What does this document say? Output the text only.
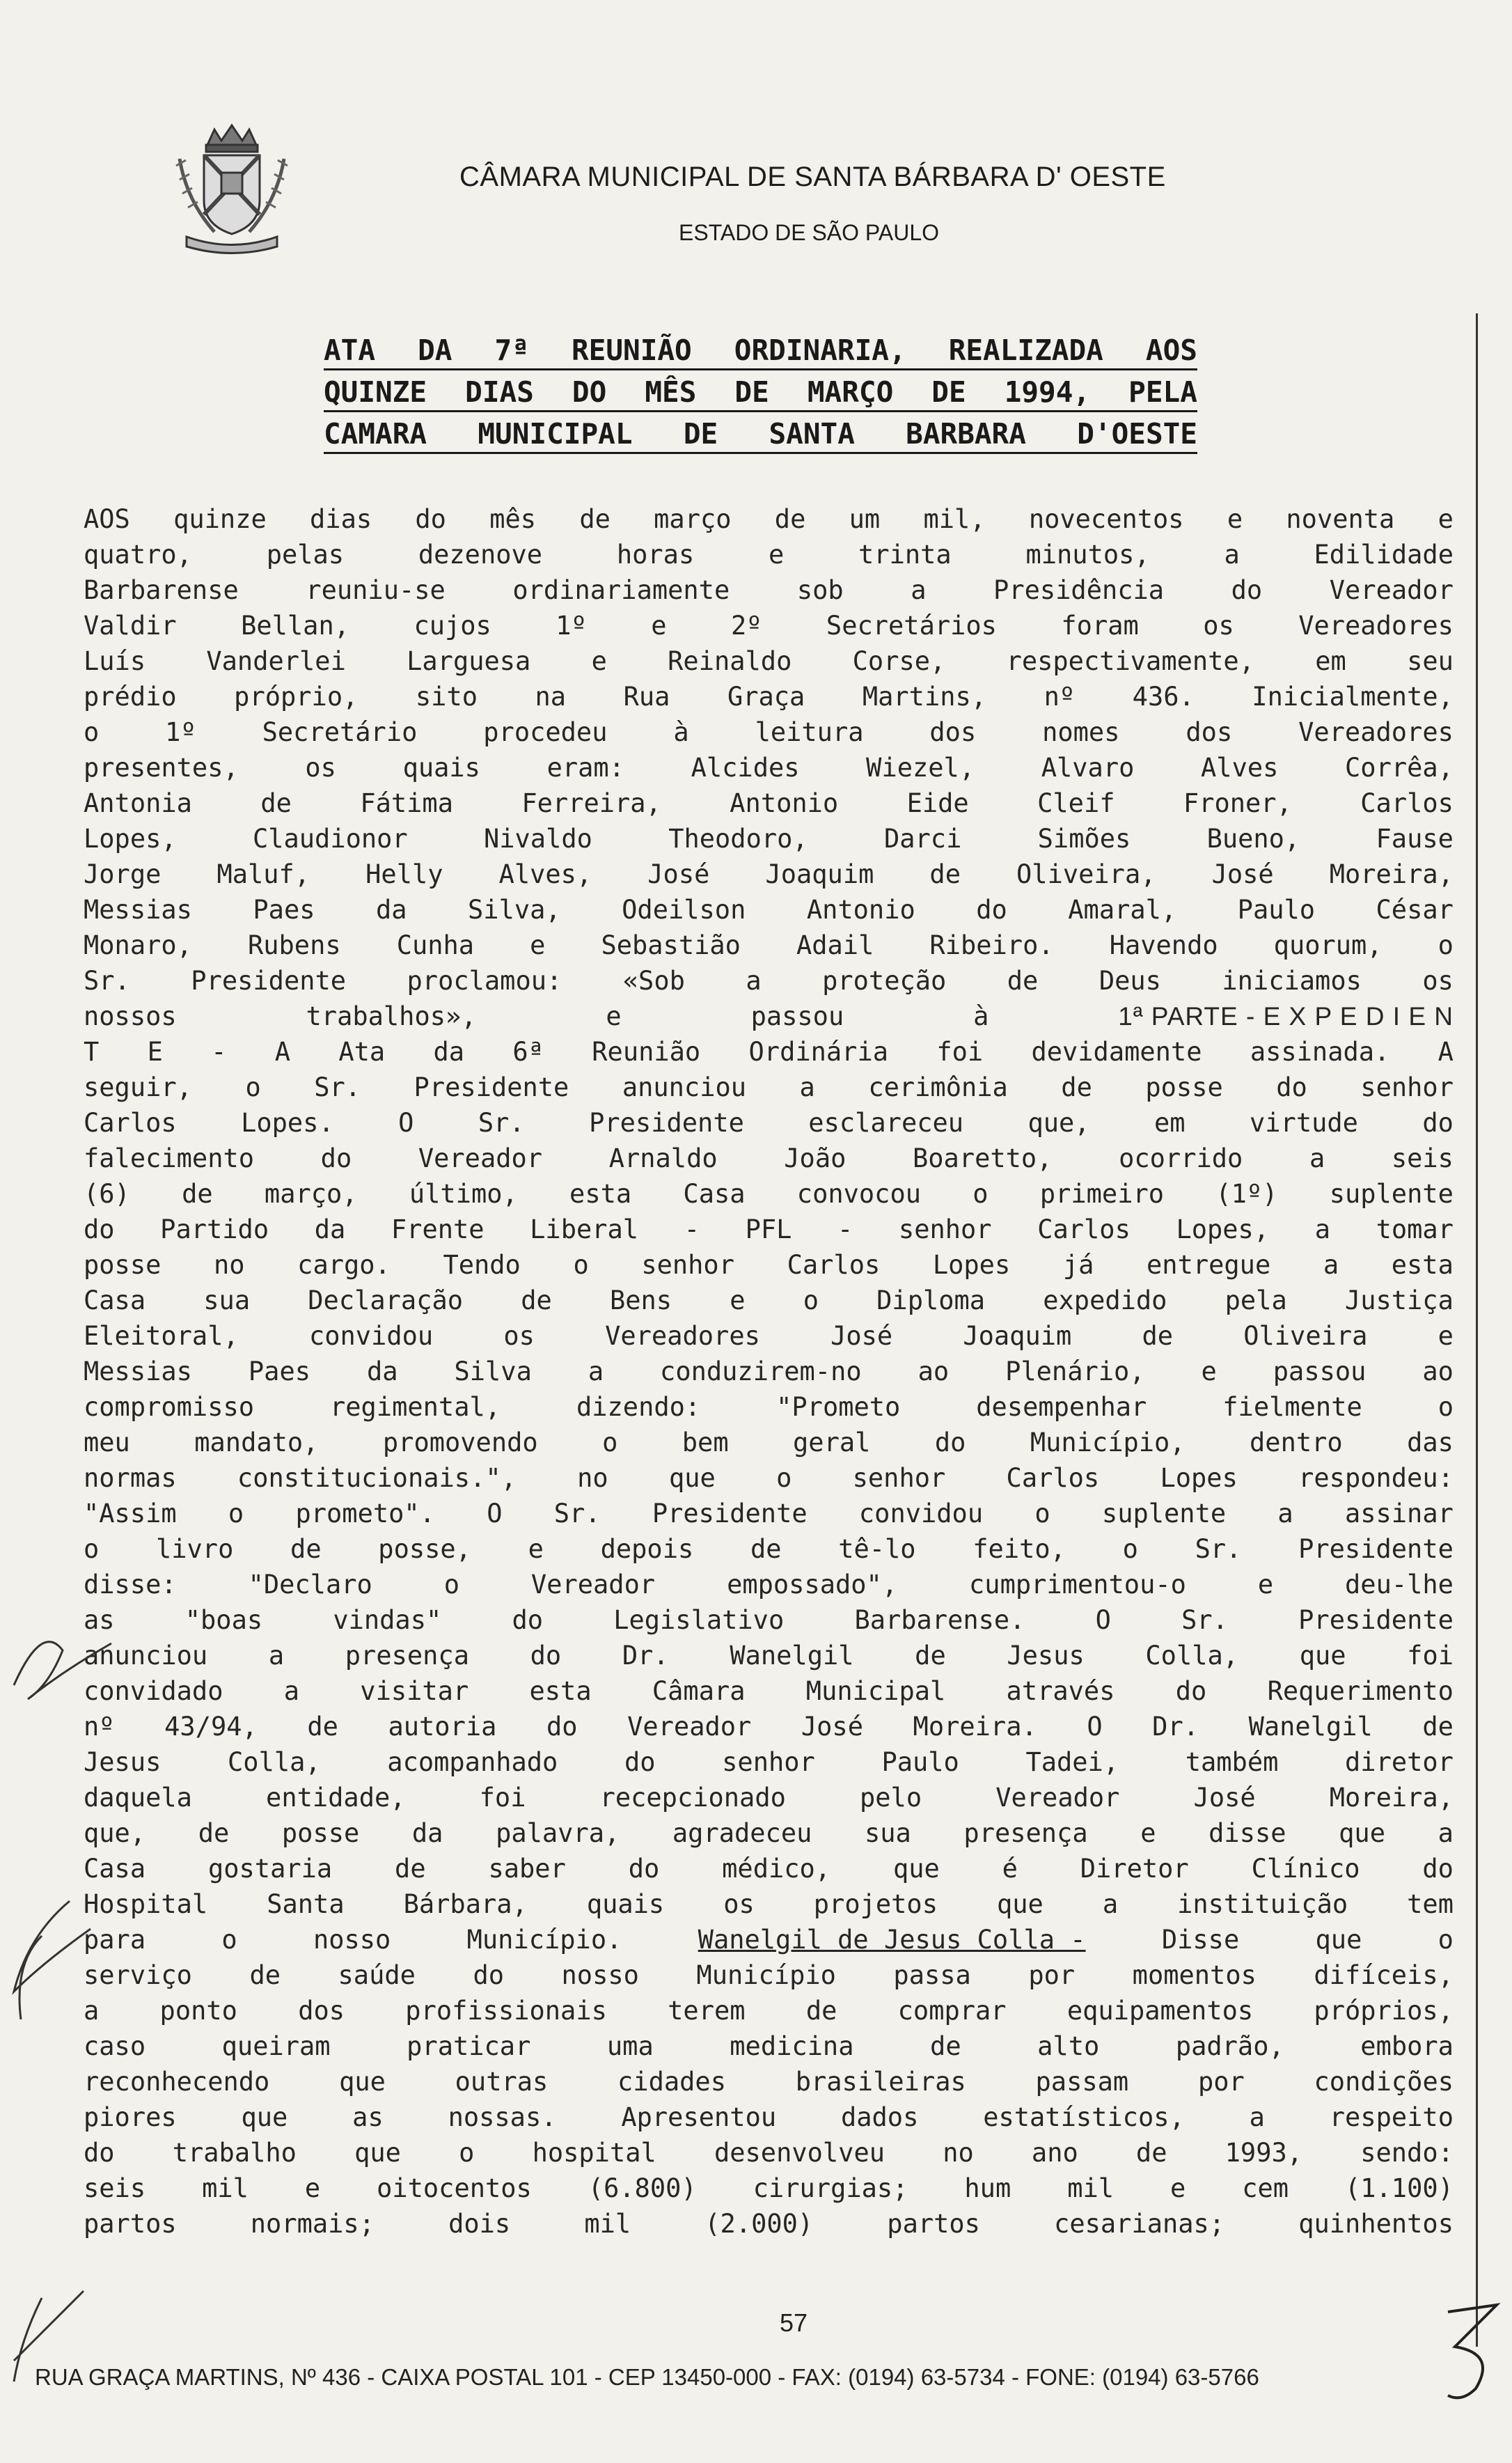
CÂMARA MUNICIPAL DE SANTA BÁRBARA D' OESTE
ESTADO DE SÃO PAULO
ATA DA 7ª REUNIÃO ORDINARIA, REALIZADA AOS
QUINZE DIAS DO MÊS DE MARÇO DE 1994, PELA
CAMARA MUNICIPAL DE SANTA BARBARA D'OESTE
AOS quinze dias do mês de março de um mil, novecentos e noventa e
quatro,	pelas	dezenove	horas	e	trinta	minutos,	a	Edilidade
Barbarense	reuniu-se	ordinariamente	sob	a	Presidência	do	Vereador
Valdir Bellan, cujos 1º e 2º Secretários foram os Vereadores
Luís Vanderlei Larguesa e Reinaldo Corse, respectivamente, em seu
prédio próprio, sito na Rua Graça Martins, nº 436. Inicialmente,
o	1º	Secretário	procedeu	à	leitura	dos	nomes	dos	Vereadores
presentes,	os	quais	eram:	Alcides	Wiezel,	Alvaro	Alves	Corrêa,
Antonia	de	Fátima	Ferreira,	Antonio	Eide	Cleif	Froner,	Carlos
Lopes,	Claudionor	Nivaldo	Theodoro,	Darci	Simões	Bueno,	Fause
Jorge Maluf, Helly Alves, José Joaquim de Oliveira, José Moreira,
Messias Paes da Silva, Odeilson Antonio do Amaral, Paulo César
Monaro, Rubens Cunha e Sebastião Adail Ribeiro. Havendo quorum, o
Sr. Presidente proclamou: «Sob a proteção de Deus iniciamos os
nossos	trabalhos»,	e	passou	à	1ª PARTE - E X P E D I E N
T E - A Ata da 6ª Reunião Ordinária foi devidamente assinada. A
seguir, o Sr. Presidente anunciou a cerimônia de posse do senhor
Carlos Lopes. O Sr. Presidente esclareceu que, em virtude do
falecimento	do	Vereador	Arnaldo	João	Boaretto,	ocorrido	a	seis
(6) de março, último, esta Casa convocou o primeiro (1º) suplente
do Partido da Frente Liberal - PFL - senhor Carlos Lopes, a tomar
posse no cargo. Tendo o senhor Carlos Lopes já entregue a esta
Casa sua Declaração de Bens e o Diploma expedido pela Justiça
Eleitoral,	convidou	os	Vereadores	José	Joaquim	de	Oliveira	e
Messias Paes da Silva a conduzirem-no ao Plenário, e passou ao
compromisso	regimental,	dizendo:	"Prometo	desempenhar	fielmente	o
meu mandato, promovendo o bem geral do Município, dentro das
normas constitucionais.", no que o senhor Carlos Lopes respondeu:
"Assim o prometo". O Sr. Presidente convidou o suplente a assinar
o livro de posse, e depois de tê-lo feito, o Sr. Presidente
disse:	"Declaro	o	Vereador	empossado",	cumprimentou-o	e	deu-lhe
as	"boas	vindas"	do	Legislativo	Barbarense.	O	Sr.	Presidente
anunciou a presença do Dr. Wanelgil de Jesus Colla, que foi
convidado a visitar esta Câmara Municipal através do Requerimento
nº 43/94, de autoria do Vereador José Moreira. O Dr. Wanelgil de
Jesus	Colla,	acompanhado	do	senhor	Paulo	Tadei,	também	diretor
daquela	entidade,	foi	recepcionado	pelo	Vereador	José	Moreira,
que, de posse da palavra, agradeceu sua presença e disse que a
Casa gostaria de saber do médico, que é Diretor Clínico do
Hospital Santa Bárbara, quais os projetos que a instituição tem
para	o	nosso	Município.	Wanelgil de Jesus Colla -	Disse	que	o
serviço de saúde do nosso Município passa por momentos difíceis,
a ponto dos profissionais terem de comprar equipamentos próprios,
caso	queiram	praticar	uma	medicina	de	alto	padrão,	embora
reconhecendo	que	outras	cidades	brasileiras	passam	por	condições
piores	que	as	nossas.	Apresentou	dados	estatísticos,	a	respeito
do trabalho que o hospital desenvolveu no ano de 1993, sendo:
seis mil e oitocentos (6.800) cirurgias; hum mil e cem (1.100)
partos	normais;	dois	mil	(2.000)	partos	cesarianas;	quinhentos
57
RUA GRAÇA MARTINS, Nº 436 - CAIXA POSTAL 101 - CEP 13450-000 - FAX: (0194) 63-5734 - FONE: (0194) 63-5766
